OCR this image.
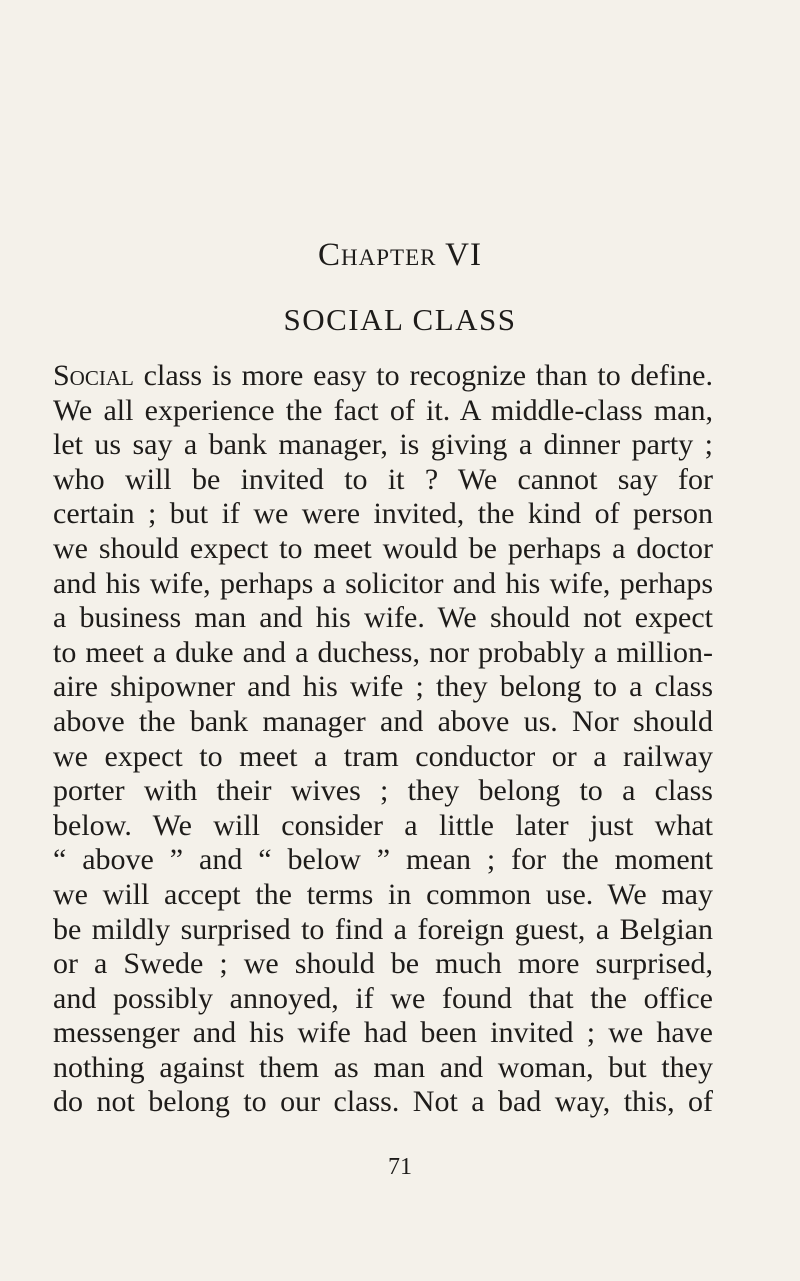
Chapter VI
SOCIAL CLASS
Social class is more easy to recognize than to define.
We all experience the fact of it. A middle-class man,
let us say a bank manager, is giving a dinner party ;
who will be invited to it ? We cannot say for
certain ; but if we were invited, the kind of person
we should expect to meet would be perhaps a doctor
and his wife, perhaps a solicitor and his wife, perhaps
a business man and his wife. We should not expect
to meet a duke and a duchess, nor probably a million-
aire shipowner and his wife ; they belong to a class
above the bank manager and above us. Nor should
we expect to meet a tram conductor or a railway
porter with their wives ; they belong to a class
below. We will consider a little later just what
“ above ” and “ below ” mean ; for the moment
we will accept the terms in common use. We may
be mildly surprised to find a foreign guest, a Belgian
or a Swede ; we should be much more surprised,
and possibly annoyed, if we found that the office
messenger and his wife had been invited ; we have
nothing against them as man and woman, but they
do not belong to our class. Not a bad way, this, of
71
